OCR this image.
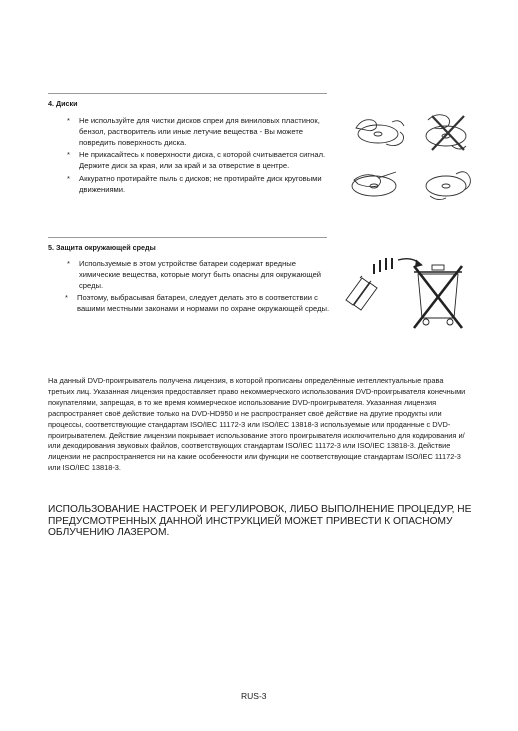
4. Диски
* Не используйте для чистки дисков спреи для виниловых пластинок, бензол, растворитель или иные летучие вещества - Вы можете повредить поверхность диска.
* Не прикасайтесь к поверхности диска, с которой считывается сигнал. Держите диск за края, или за край и за отверстие в центре.
* Аккуратно протирайте пыль с дисков; не протирайте диск круговыми движениями.
5. Защита окружающей среды
* Используемые в этом устройстве батареи содержат вредные химические вещества, которые могут быть опасны для окружающей среды.
* Поэтому, выбрасывая батареи, следует делать это в соответствии с вашими местными законами и нормами по охране окружающей среды.
На данный DVD-проигрыватель получена лицензия, в которой прописаны определённые интеллектуальные права третьих лиц. Указанная лицензия предоставляет право некоммерческого использования DVD-проигрывателя конечными покупателями, запрещая, в то же время коммерческое использование DVD-проигрывателя. Указанная лицензия распространяет своё действие только на DVD-HD950 и не распространяет своё действие на другие продукты или процессы, соответствующие стандартам ISO/IEC 11172-3 или ISO/IEC 13818-3 используемые или проданные с DVD-проигрывателем. Действие лицензии покрывает использование этого проигрывателя исключительно для кодирования и/или декодирования звуковых файлов, соответствующих стандартам ISO/IEC 11172-3 или ISO/IEC 13818-3. Действие лицензии не распространяется ни на какие особенности или функции не соответствующие стандартам ISO/IEC 11172-3 или ISO/IEC 13818-3.
ИСПОЛЬЗОВАНИЕ НАСТРОЕК И РЕГУЛИРОВОК, ЛИБО ВЫПОЛНЕНИЕ ПРОЦЕДУР, НЕ ПРЕДУСМОТРЕННЫХ ДАННОЙ ИНСТРУКЦИЕЙ МОЖЕТ ПРИВЕСТИ К ОПАСНОМУ ОБЛУЧЕНИЮ ЛАЗЕРОМ.
RUS-3
